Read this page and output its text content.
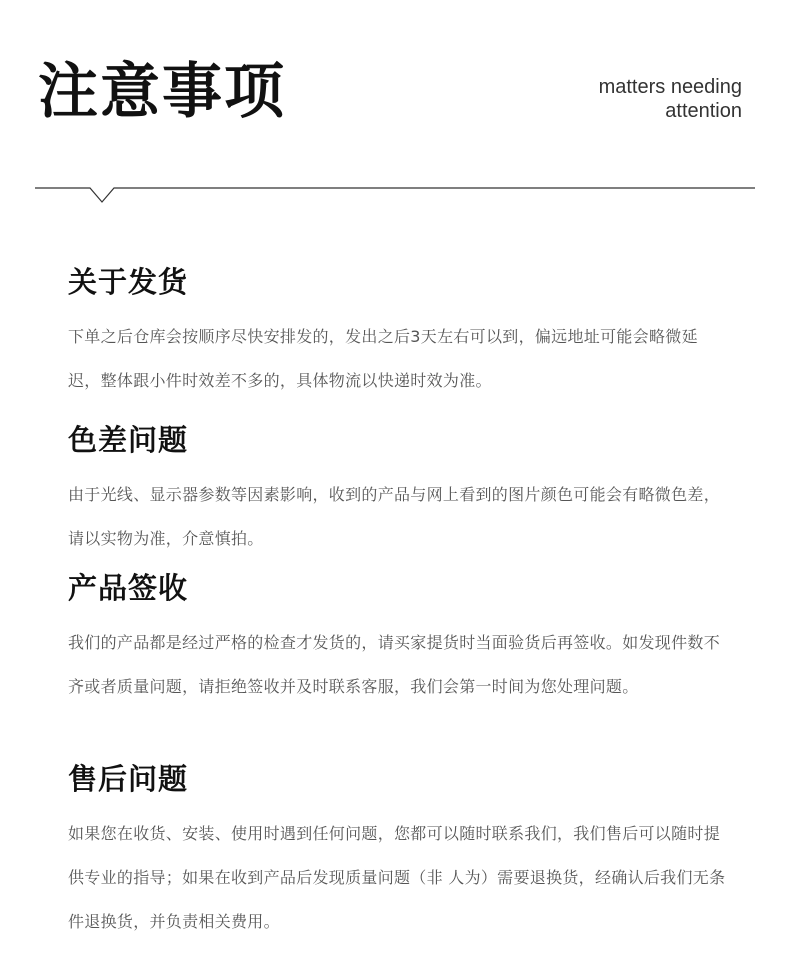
注意事项	matters needing
attention
关于发货

下单之后仓库会按顺序尽快安排发的，发出之后3天左右可以到，偏远地址可能会略微延迟，整体跟小件时效差不多的，具体物流以快递时效为准。

色差问题

由于光线、显示器参数等因素影响，收到的产品与网上看到的图片颜色可能会有略微色差，请以实物为准，介意慎拍。

产品签收

我们的产品都是经过严格的检查才发货的，请买家提货时当面验货后再签收。如发现件数不齐或者质量问题，请拒绝签收并及时联系客服，我们会第一时间为您处理问题。

售后问题

如果您在收货、安装、使用时遇到任何问题，您都可以随时联系我们，我们售后可以随时提供专业的指导；如果在收到产品后发现质量问题（非 人为）需要退换货，经确认后我们无条件退换货，并负责相关费用。
